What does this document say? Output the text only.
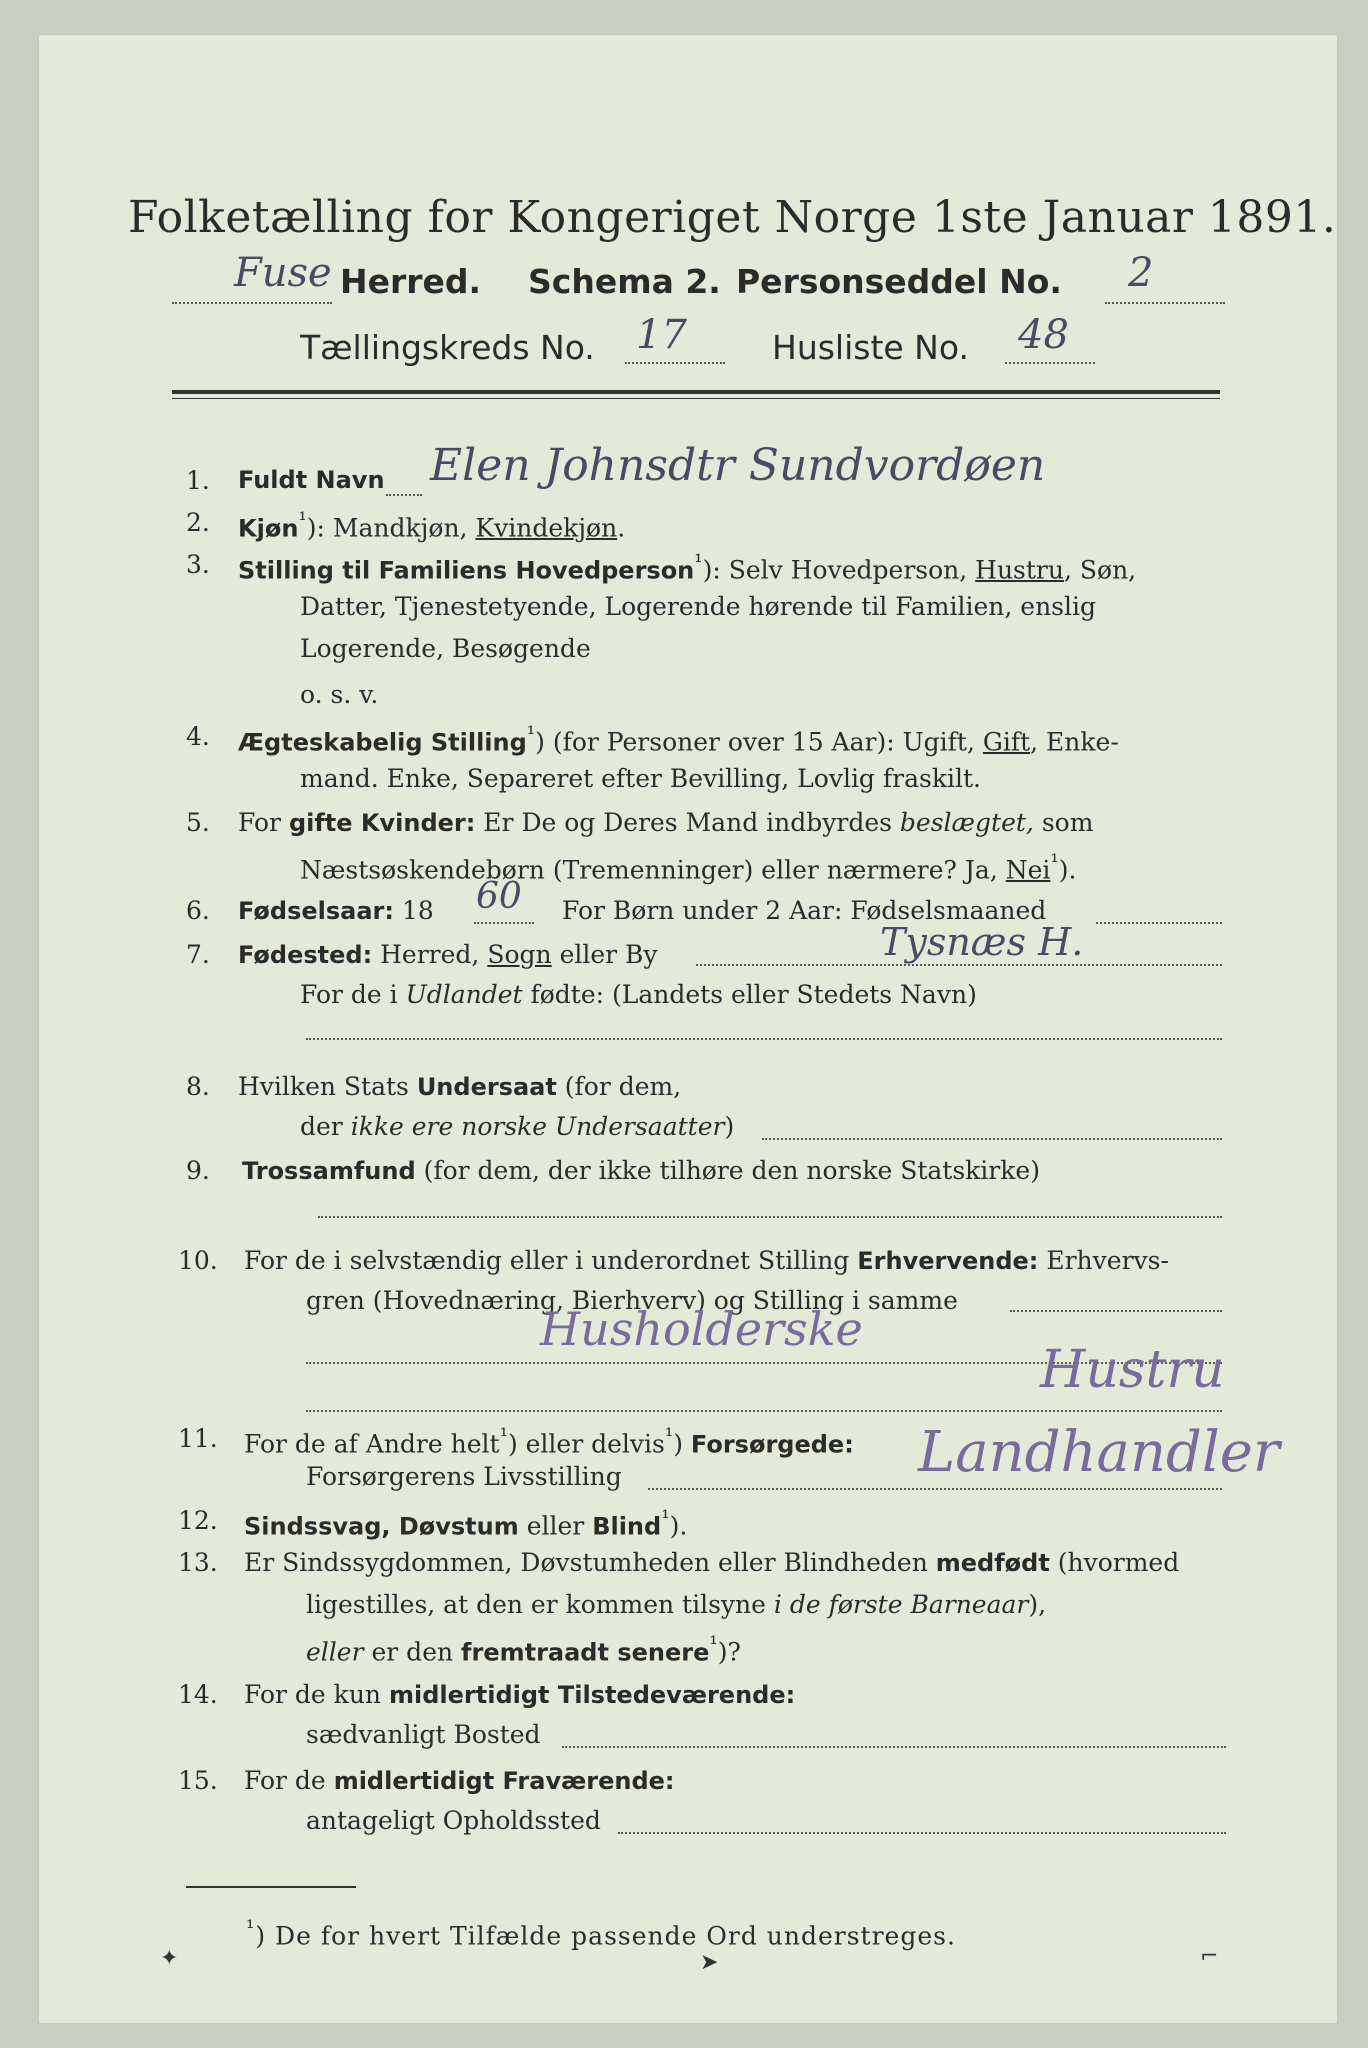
Folketælling for Kongeriget Norge 1ste Januar 1891.
Fuse Herred. Schema 2. Personseddel No. 2
Tællingskreds No. 17	Husliste No. 48
1. Fuldt Navn Elen Johnsdtr Sundvordøen
2. Kjøn$^{^1}$): Mandkjøn, Kvindekjøn.
3. Stilling til Familiens Hovedperson$^{^1}$): Selv Hovedperson, Hustru, Søn,
Datter, Tjenestetyende, Logerende hørende til Familien, enslig
Logerende, Besøgende
o. s. v.
4. Ægteskabelig Stilling$^{^1}$) (for Personer over 15 Aar): Ugift, Gift, Enke-
mand. Enke, Separeret efter Bevilling, Lovlig fraskilt.
5. For gifte Kvinder: Er De og Deres Mand indbyrdes beslægtet, som
Næstsøskendebørn (Tremenninger) eller nærmere? Ja, Nei$^{^1}$).
6. Fødselsaar: 18 60 For Børn under 2 Aar: Fødselsmaaned
7. Fødested: Herred, Sogn eller By	Tysnæs H.
For de i Udlandet fødte: (Landets eller Stedets Navn)
8. Hvilken Stats Undersaat (for dem,
der ikke ere norske Undersaatter)
9. Trossamfund (for dem, der ikke tilhøre den norske Statskirke)
10. For de i selvstændig eller i underordnet Stilling Erhvervende: Erhvervs-
gren (Hovednæring, Bierhverv) og Stilling i samme
Husholderske
Hustru
11. For de af Andre helt$^{^1}$) eller delvis$^{^1}$) Forsørgede:
Forsørgerens Livsstilling	Landhandler
12. Sindssvag, Døvstum eller Blind$^{^1}$).
13. Er Sindssygdommen, Døvstumheden eller Blindheden medfødt (hvormed
ligestilles, at den er kommen tilsyne i de første Barneaar),
eller er den fremtraadt senere$^{^1}$)?
14. For de kun midlertidigt Tilstedeværende:
sædvanligt Bosted
15. For de midlertidigt Fraværende:
antageligt Opholdssted
$^{^1}$) De for hvert Tilfælde passende Ord understreges.
✦	➤	⌐
